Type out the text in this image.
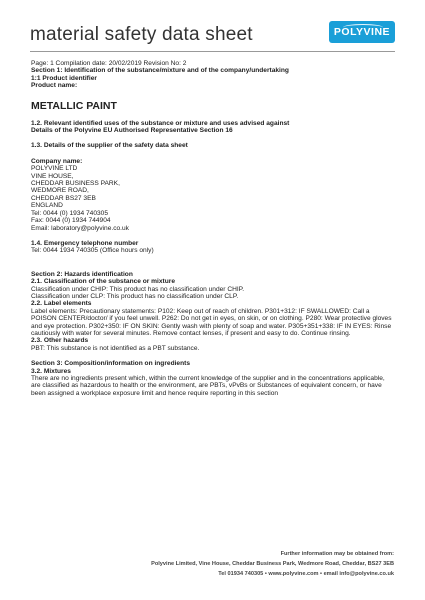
material safety data sheet	POLYVINE
Page: 1 Compilation date: 20/02/2019 Revision No: 2
Section 1: Identification of the substance/mixture and of the company/undertaking
1:1 Product identifier
Product name:
METALLIC PAINT
1.2. Relevant identified uses of the substance or mixture and uses advised against
Details of the Polyvine EU Authorised Representative Section 16
1.3. Details of the supplier of the safety data sheet
Company name:
POLYVINE LTD
VINE HOUSE,
CHEDDAR BUSINESS PARK,
WEDMORE ROAD,
CHEDDAR BS27 3EB
ENGLAND
Tel: 0044 (0) 1934 740305
Fax: 0044 (0) 1934 744904
Email: laboratory@polyvine.co.uk
1.4. Emergency telephone number
Tel: 0044 1934 740305 (Office hours only)
Section 2: Hazards identification
2.1. Classification of the substance or mixture
Classification under CHIP: This product has no classification under CHIP.
Classification under CLP: This product has no classification under CLP.
2.2. Label elements
Label elements: Precautionary statements: P102: Keep out of reach of children. P301+312: IF SWALLOWED: Call a POISON CENTER/doctor/ if you feel unwell. P262: Do not get in eyes, on skin, or on clothing. P280: Wear protective gloves and eye protection. P302+350: IF ON SKIN: Gently wash with plenty of soap and water. P305+351+338: IF IN EYES: Rinse cautiously with water for several minutes. Remove contact lenses, if present and easy to do. Continue rinsing.
2.3. Other hazards
PBT: This substance is not identified as a PBT substance.
Section 3: Composition/information on ingredients
3.2. Mixtures
There are no ingredients present which, within the current knowledge of the supplier and in the concentrations applicable, are classified as hazardous to health or the environment, are PBTs, vPvBs or Substances of equivalent concern, or have been assigned a workplace exposure limit and hence require reporting in this section
Further information may be obtained from:
Polyvine Limited, Vine House, Cheddar Business Park, Wedmore Road, Cheddar, BS27 3EB
Tel 01934 740305 • www.polyvine.com • email info@polyvine.co.uk
